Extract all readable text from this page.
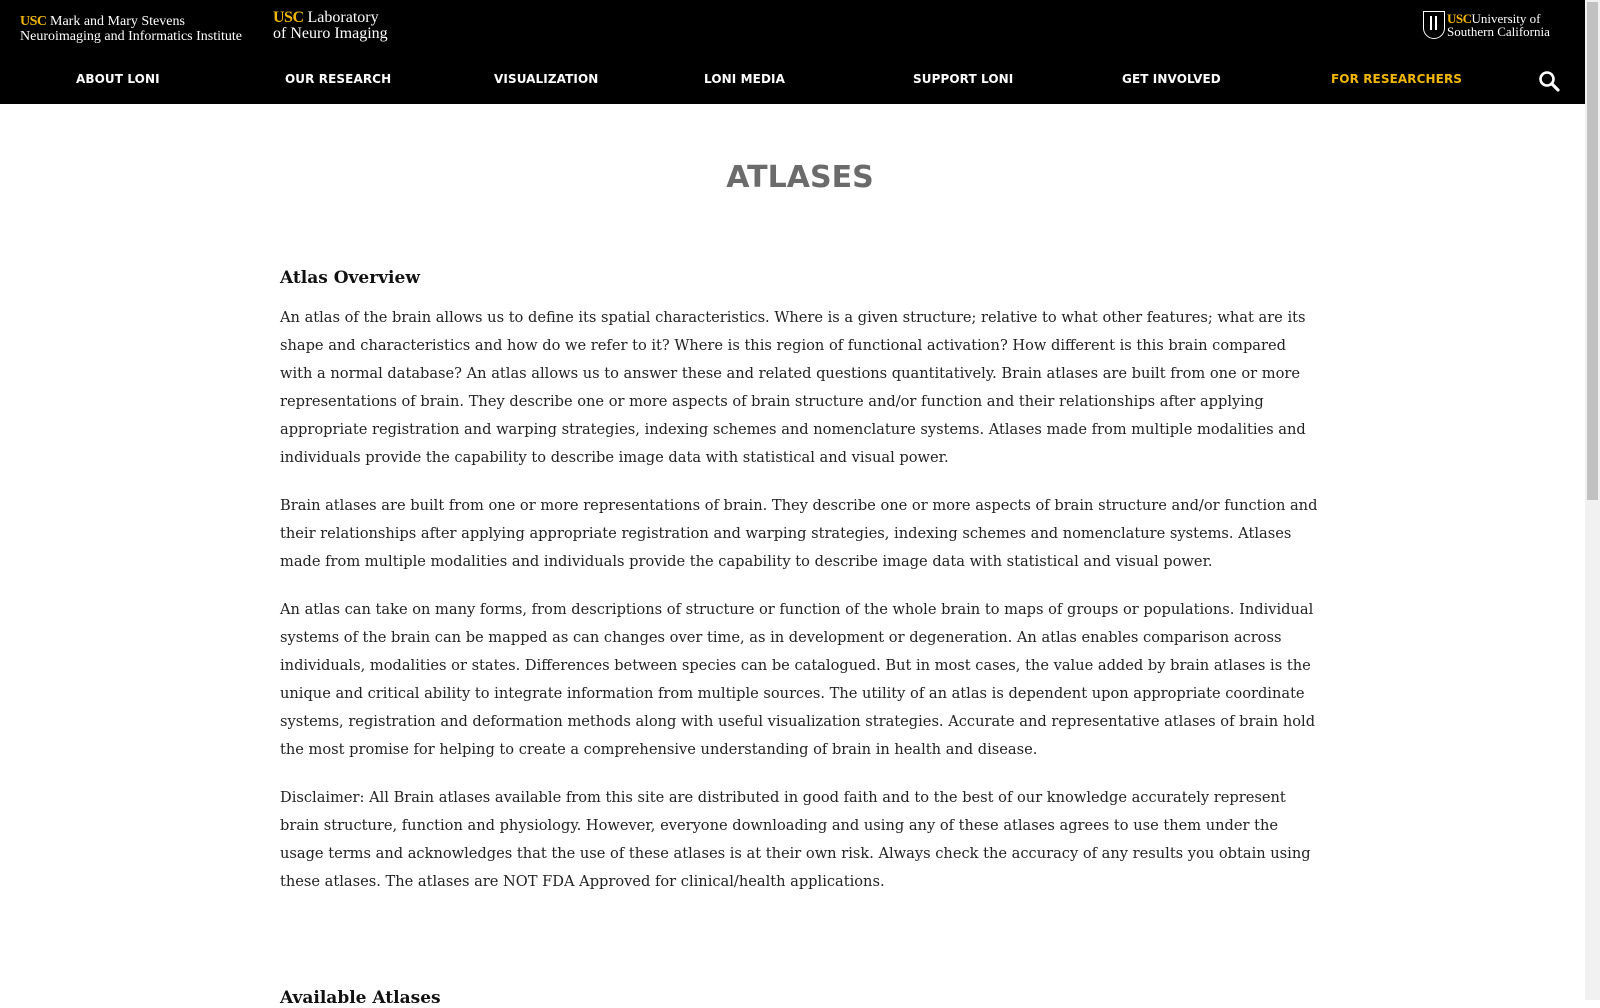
USC Mark and Mary Stevens
Neuroimaging and Informatics Institute
USC Laboratory
of Neuro Imaging
USCUniversity of
Southern California
ABOUT LONI	OUR RESEARCH	VISUALIZATION	LONI MEDIA	SUPPORT LONI	GET INVOLVED	FOR RESEARCHERS
ATLASES
Atlas Overview

An atlas of the brain allows us to define its spatial characteristics. Where is a given structure; relative to what other features; what are its shape and characteristics and how do we refer to it? Where is this region of functional activation? How different is this brain compared with a normal database? An atlas allows us to answer these and related questions quantitatively. Brain atlases are built from one or more representations of brain. They describe one or more aspects of brain structure and/or function and their relationships after applying appropriate registration and warping strategies, indexing schemes and nomenclature systems. Atlases made from multiple modalities and individuals provide the capability to describe image data with statistical and visual power.

Brain atlases are built from one or more representations of brain. They describe one or more aspects of brain structure and/or function and their relationships after applying appropriate registration and warping strategies, indexing schemes and nomenclature systems. Atlases made from multiple modalities and individuals provide the capability to describe image data with statistical and visual power.

An atlas can take on many forms, from descriptions of structure or function of the whole brain to maps of groups or populations. Individual systems of the brain can be mapped as can changes over time, as in development or degeneration. An atlas enables comparison across individuals, modalities or states. Differences between species can be catalogued. But in most cases, the value added by brain atlases is the unique and critical ability to integrate information from multiple sources. The utility of an atlas is dependent upon appropriate coordinate systems, registration and deformation methods along with useful visualization strategies. Accurate and representative atlases of brain hold the most promise for helping to create a comprehensive understanding of brain in health and disease.

Disclaimer: All Brain atlases available from this site are distributed in good faith and to the best of our knowledge accurately represent brain structure, function and physiology. However, everyone downloading and using any of these atlases agrees to use them under the usage terms and acknowledges that the use of these atlases is at their own risk. Always check the accuracy of any results you obtain using these atlases. The atlases are NOT FDA Approved for clinical/health applications.

Available Atlases
